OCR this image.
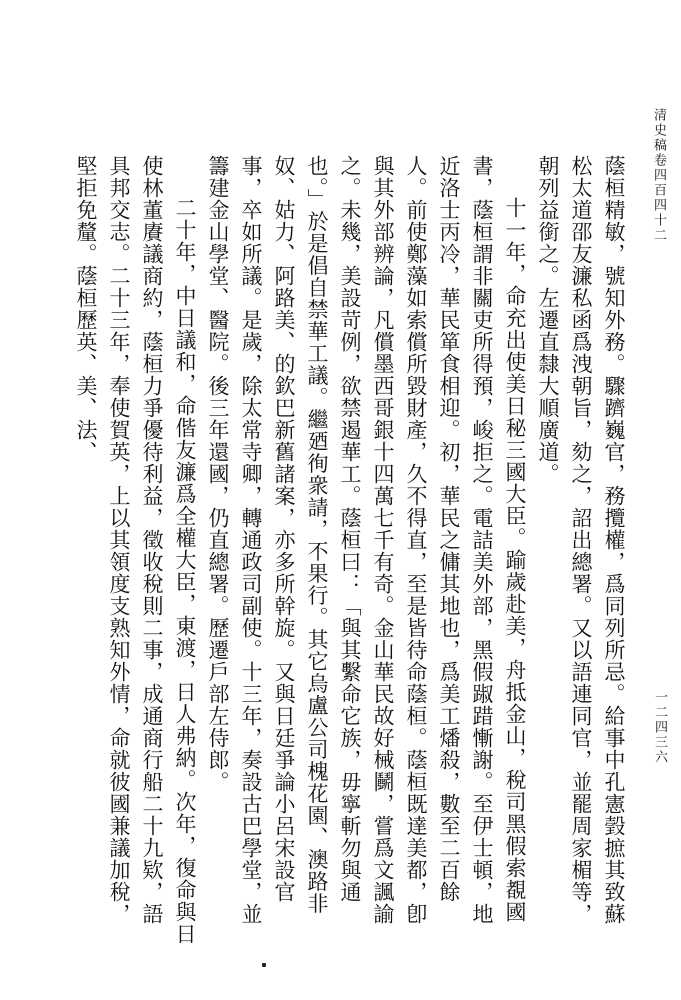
清史稿卷四百四十二

蔭桓精敏，號知外務。驟躋巍官，務攬權，爲同列所忌。給事中孔憲瑴摭其致蘇松太道邵友濂私函爲洩朝旨，劾之，詔出總署。又以語連同官，並罷周家楣等，朝列益銜之。左遷直隸大順廣道。

十一年，命充出使美日秘三國大臣。踰歲赴美，舟抵金山，稅司黑假索覩國書，蔭桓謂非關吏所得預，峻拒之。電詰美外部，黑假踧踖慚謝。至伊士頓，地近洛士丙冷，華民箪食相迎。初，華民之傭其地也，爲美工燔殺，數至二百餘人。前使鄭藻如索償所毀財產，久不得直，至是皆待命蔭桓。蔭桓既達美都，卽與其外部辨論，凡償墨西哥銀十四萬七千有奇。金山華民故好械鬭，嘗爲文諷諭之。未幾，美設苛例，欲禁遏華工。蔭桓曰：「與其繫命它族，毋寧斬勿與通也。」於是倡自禁華工議。繼廼徇衆請，不果行。其它烏盧公司槐花園、澳路非奴、姑力、阿路美、的欽巴新舊諸案，亦多所幹旋。又與日廷爭論小呂宋設官事，卒如所議。是歲，除太常寺卿，轉通政司副使。十三年，奏設古巴學堂，並籌建金山學堂、醫院。後三年還國，仍直總署。歷遷戶部左侍郎。

二十年，中日議和，命偕友濂爲全權大臣，東渡，日人弗納。次年，復命與日使林董賡議商約，蔭桓力爭優待利益，徵收稅則二事，成通商行船二十九欵，語具邦交志。二十三年，奉使賀英，上以其領度支熟知外情，命就彼國兼議加稅，堅拒免釐。蔭桓歷英、美、法、

一二四三六
